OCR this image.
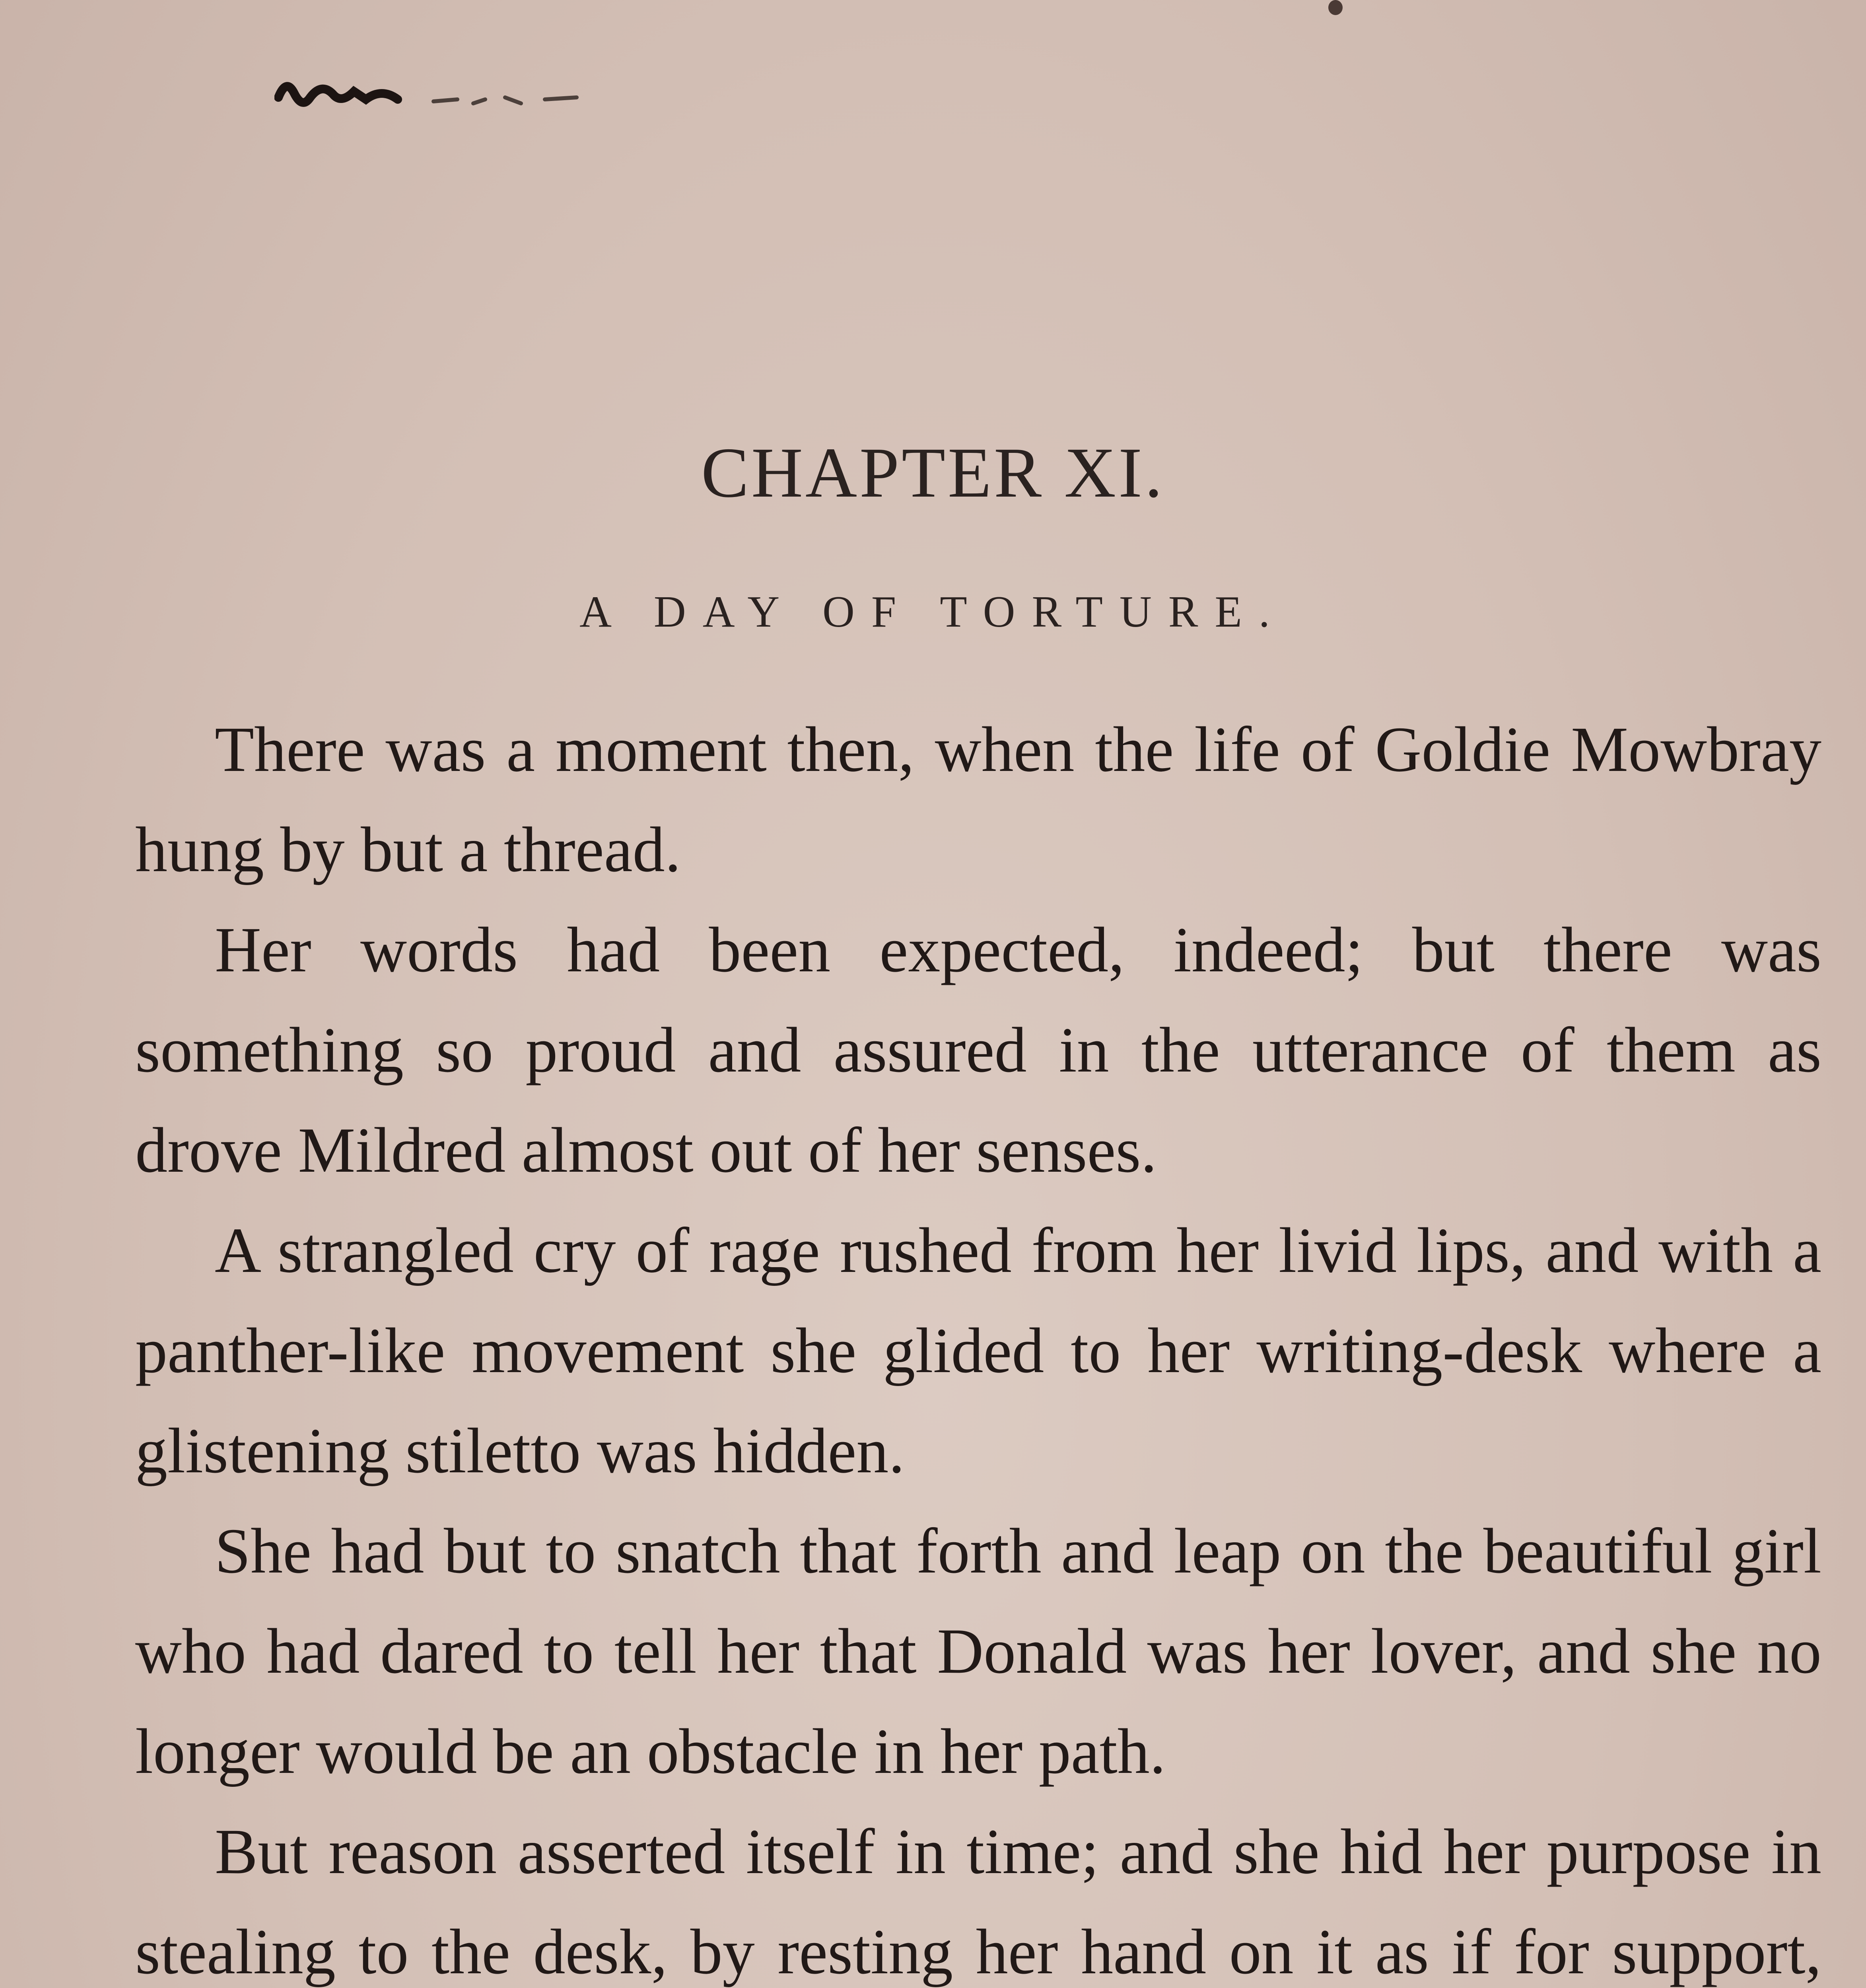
CHAPTER XI.
A DAY OF TORTURE.

There was a moment then, when the life of Goldie Mowbray hung by but a thread.

Her words had been expected, indeed; but there was something so proud and assured in the utterance of them as drove Mildred almost out of her senses.

A strangled cry of rage rushed from her livid lips, and with a panther-like movement she glided to her writing-desk where a glistening stiletto was hidden.

She had but to snatch that forth and leap on the beautiful girl who had dared to tell her that Donald was her lover, and she no longer would be an obstacle in her path.

But reason asserted itself in time; and she hid her purpose in stealing to the desk, by resting her hand on it as if for support,
